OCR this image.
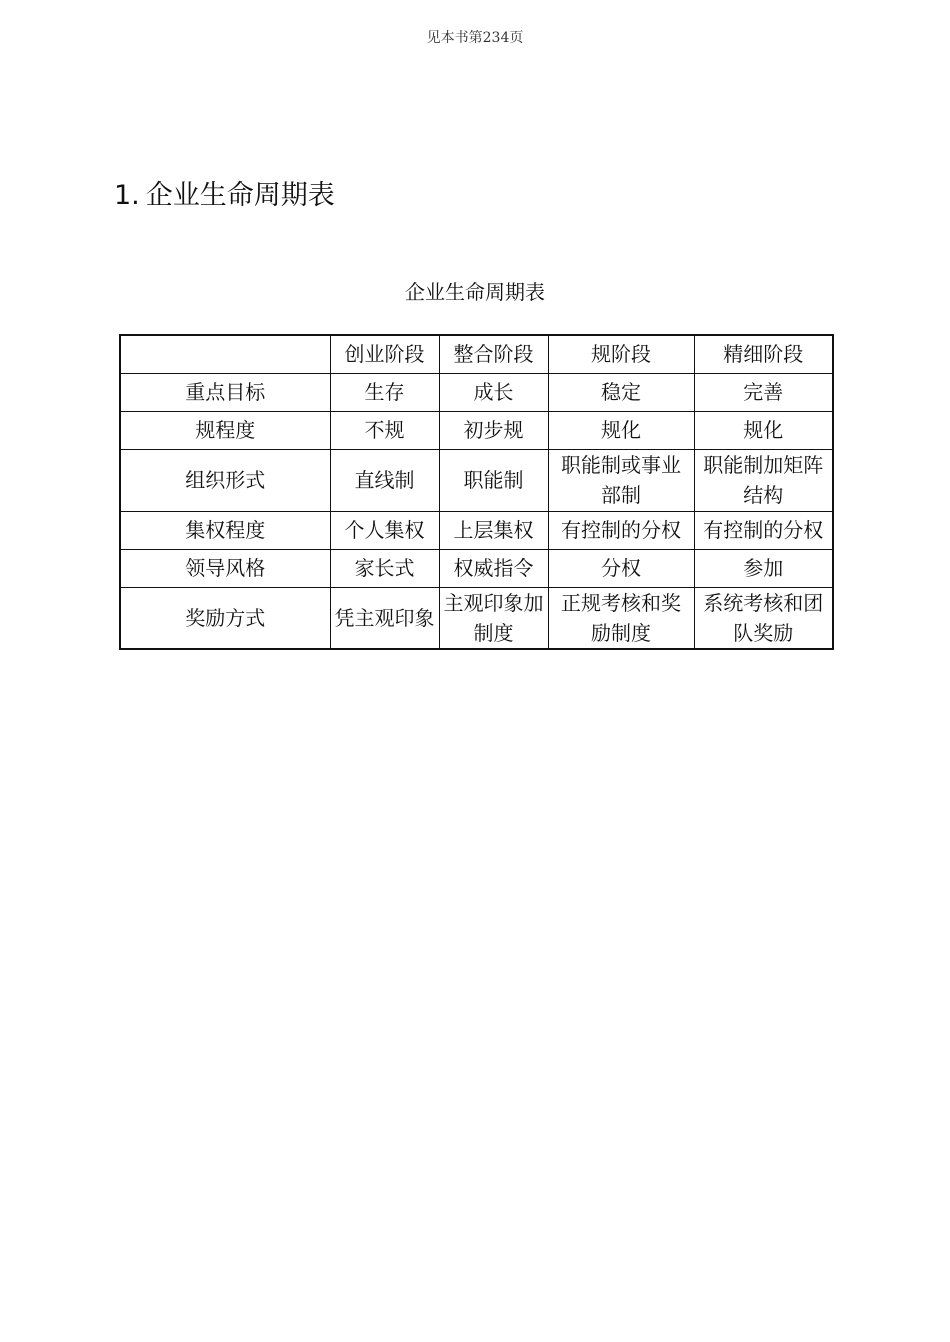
见本书第234页
1. 企业生命周期表
企业生命周期表
	创业阶段	整合阶段	规阶段	精细阶段
重点目标	生存	成长	稳定	完善
规程度	不规	初步规	规化	规化
组织形式	直线制	职能制	职能制或事业部制	职能制加矩阵结构
集权程度	个人集权	上层集权	有控制的分权	有控制的分权
领导风格	家长式	权威指令	分权	参加
奖励方式	凭主观印象	主观印象加制度	正规考核和奖励制度	系统考核和团队奖励
